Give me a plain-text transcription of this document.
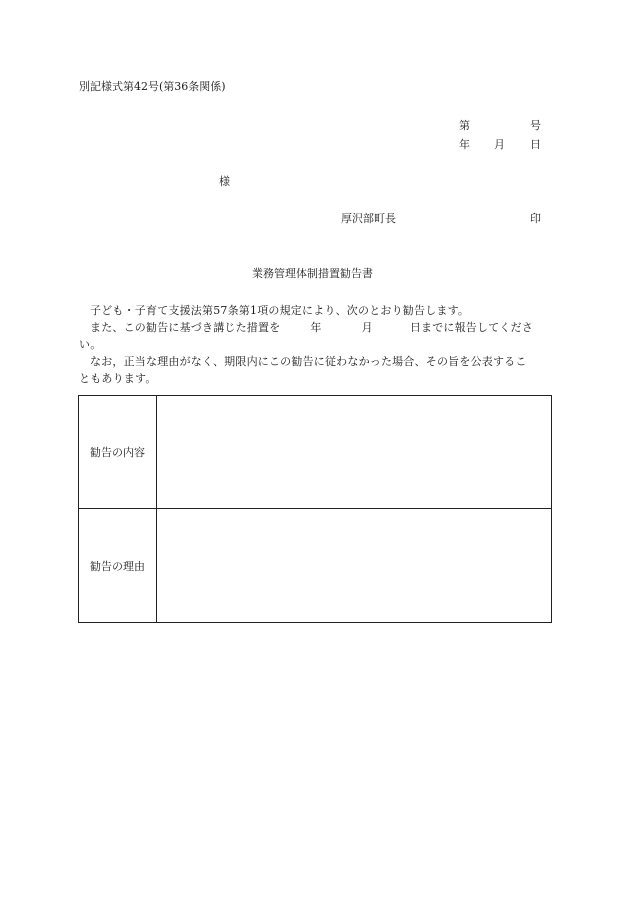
別記様式第42号(第36条関係)
第	号
年 月 日
様
厚沢部町長	印
業務管理体制措置勧告書

子ども・子育て支援法第57条第1項の規定により、次のとおり勧告します。

また、この勧告に基づき講じた措置を	年	月	日までに報告してくださ

い。

なお，正当な理由がなく、期限内にこの勧告に従わなかった場合、その旨を公表するこ

ともあります。

勧告の内容
勧告の理由
